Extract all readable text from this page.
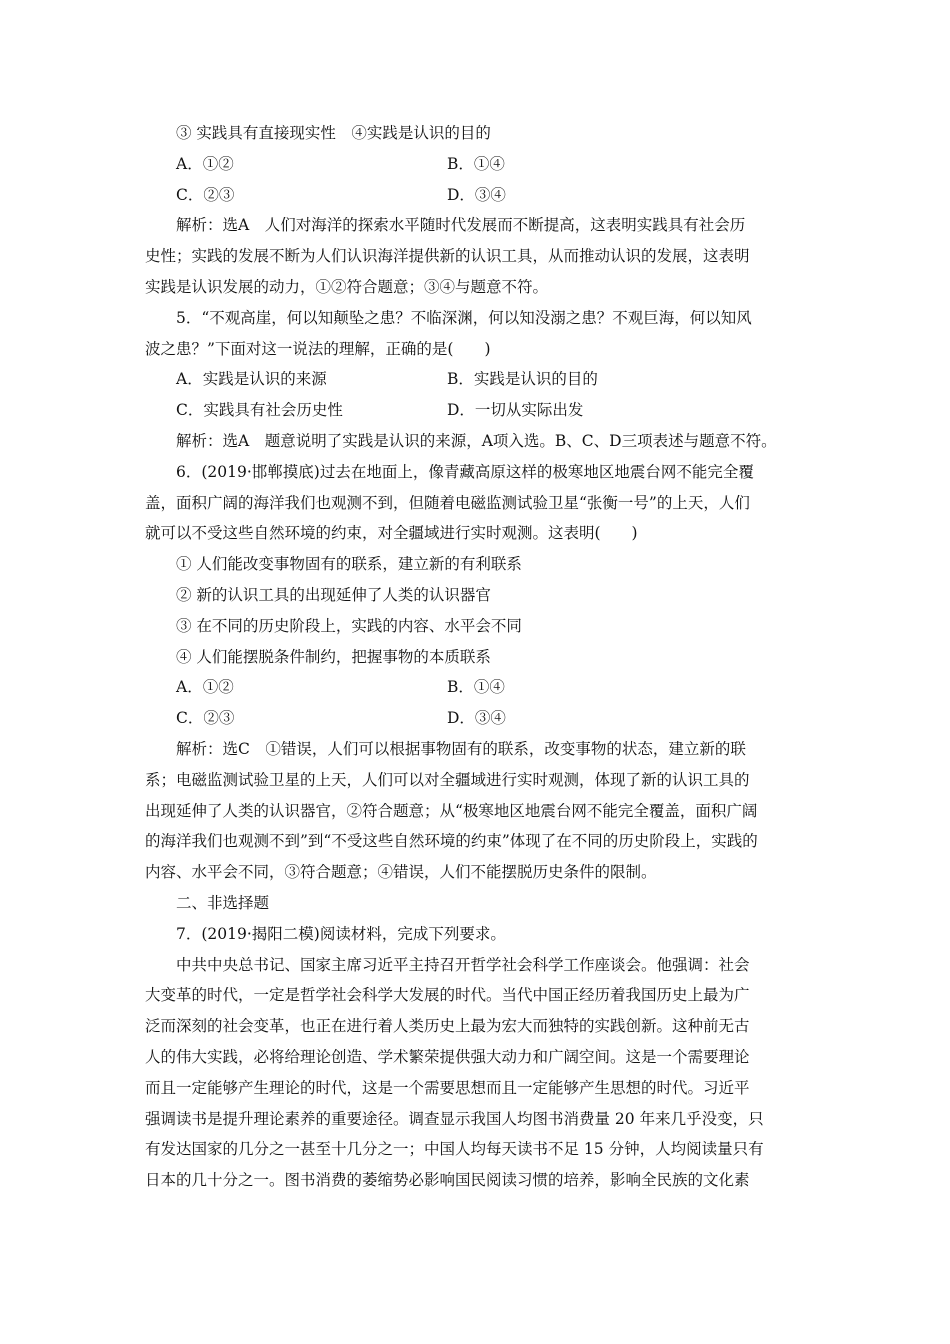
③ 实践具有直接现实性　④实践是认识的目的
A．①②	B．①④
C．②③	D．③④
解析：选A　人们对海洋的探索水平随时代发展而不断提高，这表明实践具有社会历
史性；实践的发展不断为人们认识海洋提供新的认识工具，从而推动认识的发展，这表明
实践是认识发展的动力，①②符合题意；③④与题意不符。
5．“不观高崖，何以知颠坠之患？不临深渊，何以知没溺之患？不观巨海，何以知风
波之患？”下面对这一说法的理解，正确的是(　　)
A．实践是认识的来源	B．实践是认识的目的
C．实践具有社会历史性	D．一切从实际出发
解析：选A　题意说明了实践是认识的来源，A项入选。B、C、D三项表述与题意不符。
6．(2019·邯郸摸底)过去在地面上，像青藏高原这样的极寒地区地震台网不能完全覆
盖，面积广阔的海洋我们也观测不到，但随着电磁监测试验卫星“张衡一号”的上天，人们
就可以不受这些自然环境的约束，对全疆域进行实时观测。这表明(　　)
① 人们能改变事物固有的联系，建立新的有利联系
② 新的认识工具的出现延伸了人类的认识器官
③ 在不同的历史阶段上，实践的内容、水平会不同
④ 人们能摆脱条件制约，把握事物的本质联系
A．①②	B．①④
C．②③	D．③④
解析：选C　①错误，人们可以根据事物固有的联系，改变事物的状态，建立新的联
系；电磁监测试验卫星的上天，人们可以对全疆域进行实时观测，体现了新的认识工具的
出现延伸了人类的认识器官，②符合题意；从“极寒地区地震台网不能完全覆盖，面积广阔
的海洋我们也观测不到”到“不受这些自然环境的约束”体现了在不同的历史阶段上，实践的
内容、水平会不同，③符合题意；④错误，人们不能摆脱历史条件的限制。
二、非选择题
7．(2019·揭阳二模)阅读材料，完成下列要求。
中共中央总书记、国家主席习近平主持召开哲学社会科学工作座谈会。他强调：社会
大变革的时代，一定是哲学社会科学大发展的时代。当代中国正经历着我国历史上最为广
泛而深刻的社会变革，也正在进行着人类历史上最为宏大而独特的实践创新。这种前无古
人的伟大实践，必将给理论创造、学术繁荣提供强大动力和广阔空间。这是一个需要理论
而且一定能够产生理论的时代，这是一个需要思想而且一定能够产生思想的时代。习近平
强调读书是提升理论素养的重要途径。调查显示我国人均图书消费量 20 年来几乎没变，只
有发达国家的几分之一甚至十几分之一；中国人均每天读书不足 15 分钟，人均阅读量只有
日本的几十分之一。图书消费的萎缩势必影响国民阅读习惯的培养，影响全民族的文化素
